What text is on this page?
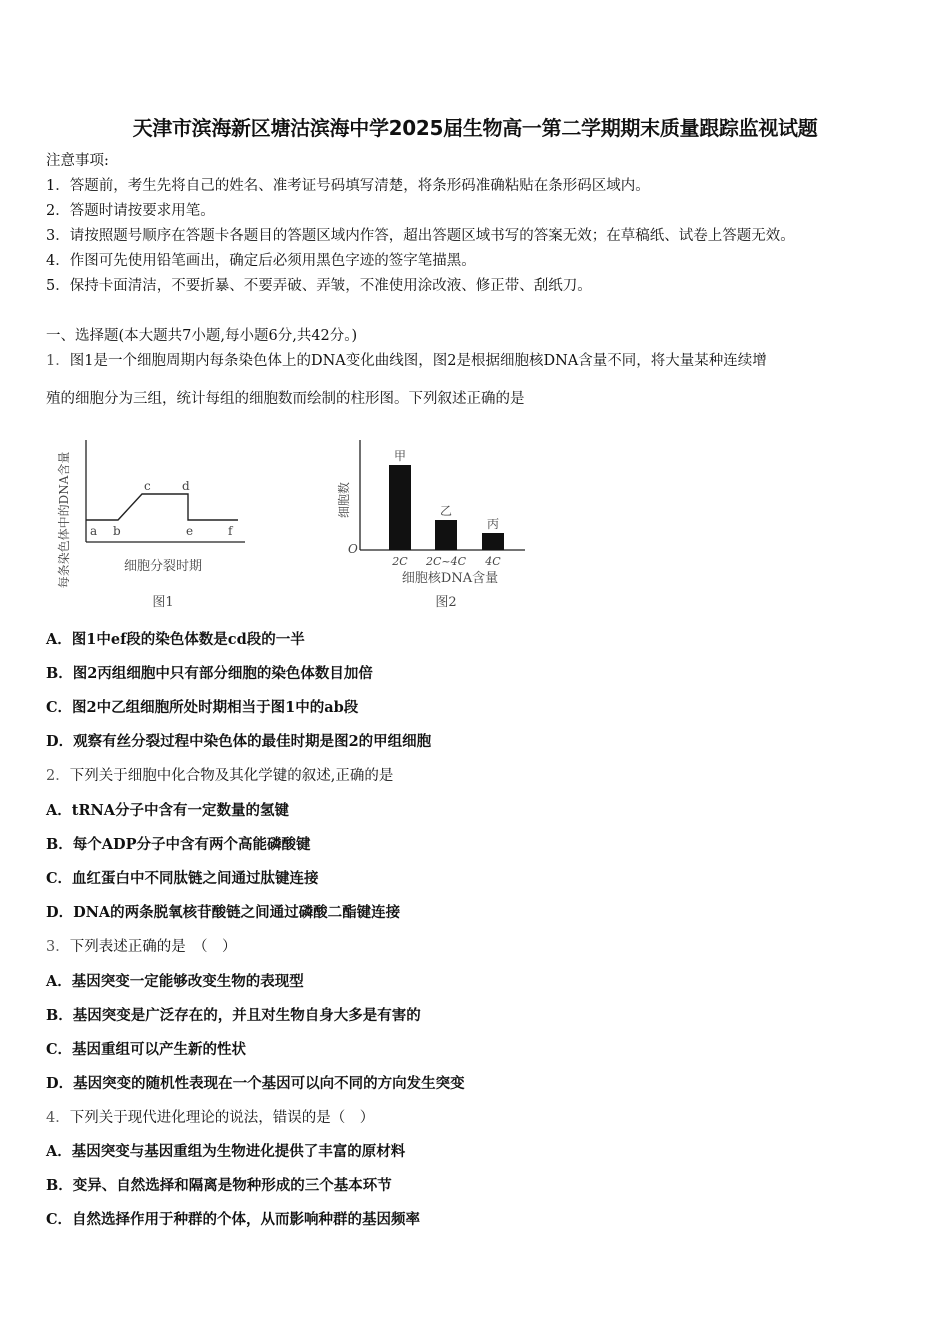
天津市滨海新区塘沽滨海中学2025届生物高一第二学期期末质量跟踪监视试题
注意事项:
1．答题前，考生先将自己的姓名、准考证号码填写清楚，将条形码准确粘贴在条形码区域内。
2．答题时请按要求用笔。
3．请按照题号顺序在答题卡各题目的答题区域内作答，超出答题区域书写的答案无效；在草稿纸、试卷上答题无效。
4．作图可先使用铅笔画出，确定后必须用黑色字迹的签字笔描黑。
5．保持卡面清洁，不要折暴、不要弄破、弄皱，不准使用涂改液、修正带、刮纸刀。
一、选择题(本大题共7小题,每小题6分,共42分。)
1．图1是一个细胞周期内每条染色体上的DNA变化曲线图，图2是根据细胞核DNA含量不同，将大量某种连续增
殖的细胞分为三组，统计每组的细胞数而绘制的柱形图。下列叙述正确的是
每条染色体中的DNA含量 a b
c	d
e	f
细胞分裂时期
图1
细胞数
O
甲
2C
乙
2C~4C
丙
4C
细胞核DNA含量
图2
A．图1中ef段的染色体数是cd段的一半
B．图2丙组细胞中只有部分细胞的染色体数目加倍
C．图2中乙组细胞所处时期相当于图1中的ab段
D．观察有丝分裂过程中染色体的最佳时期是图2的甲组细胞
2．下列关于细胞中化合物及其化学键的叙述,正确的是
A．tRNA分子中含有一定数量的氢键
B．每个ADP分子中含有两个高能磷酸键
C．血红蛋白中不同肽链之间通过肽键连接
D．DNA的两条脱氧核苷酸链之间通过磷酸二酯键连接
3．下列表述正确的是　（　）
A．基因突变一定能够改变生物的表现型
B．基因突变是广泛存在的，并且对生物自身大多是有害的
C．基因重组可以产生新的性状
D．基因突变的随机性表现在一个基因可以向不同的方向发生突变
4．下列关于现代进化理论的说法，错误的是（　）
A．基因突变与基因重组为生物进化提供了丰富的原材料
B．变异、自然选择和隔离是物种形成的三个基本环节
C．自然选择作用于种群的个体，从而影响种群的基因频率
